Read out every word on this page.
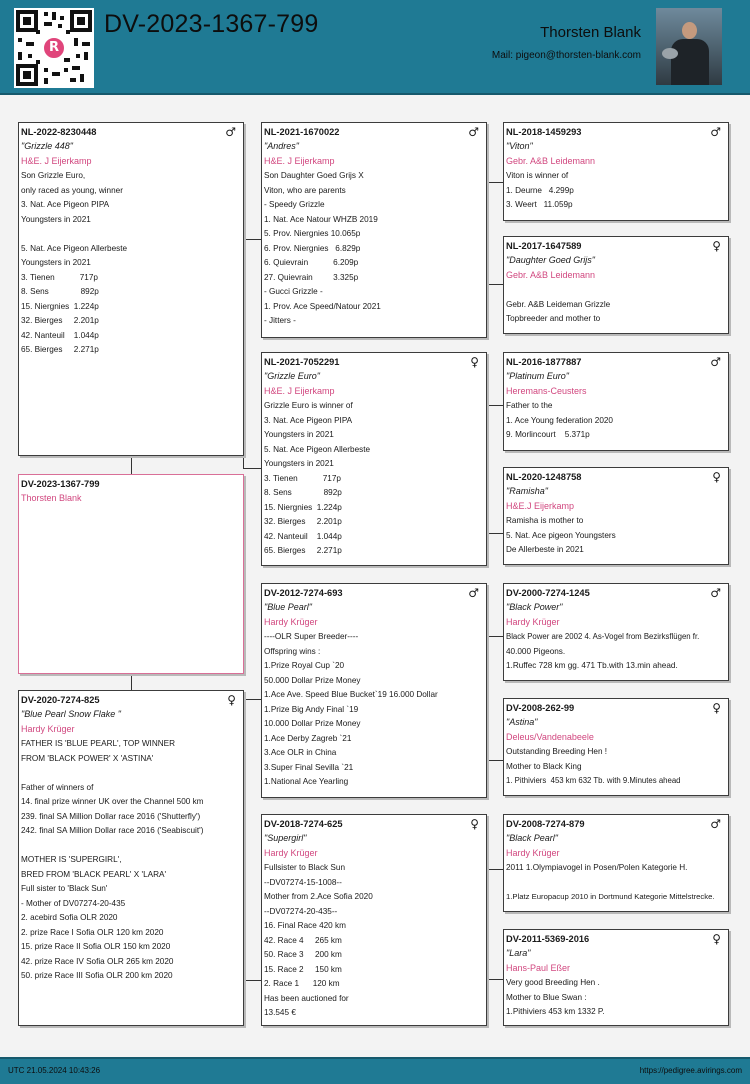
R
DV-2023-1367-799	Thorsten Blank
Mail: pigeon@thorsten-blank.com
NL-2022-8230448	♂
"Grizzle 448"
H&E. J Eijerkamp
Son Grizzle Euro,
only raced as young, winner
3. Nat. Ace Pigeon PIPA
Youngsters in 2021

5. Nat. Ace Pigeon Allerbeste
Youngsters in 2021
3. Tienen           717p
8. Sens              892p
15. Niergnies  1.224p
32. Bierges     2.201p
42. Nanteuil    1.044p
65. Bierges     2.271p
DV-2023-1367-799
Thorsten Blank
DV-2020-7274-825	♀
"Blue Pearl Snow Flake "
Hardy Krüger
FATHER IS 'BLUE PEARL', TOP WINNER
FROM 'BLACK POWER' X 'ASTINA'

Father of winners of
14. final prize winner UK over the Channel 500 km
239. final SA Million Dollar race 2016 ('Shutterfly')
242. final SA Million Dollar race 2016 ('Seabiscuit')

MOTHER IS 'SUPERGIRL',
BRED FROM 'BLACK PEARL' X 'LARA'
Full sister to 'Black Sun'
- Mother of DV07274-20-435
2. acebird Sofia OLR 2020
2. prize Race I Sofia OLR 120 km 2020
15. prize Race II Sofia OLR 150 km 2020
42. prize Race IV Sofia OLR 265 km 2020
50. prize Race III Sofia OLR 200 km 2020
NL-2021-1670022	♂
"Andres"
H&E. J Eijerkamp
Son Daughter Goed Grijs X
Viton, who are parents
- Speedy Grizzle
1. Nat. Ace Natour WHZB 2019
5. Prov. Niergnies 10.065p
6. Prov. Niergnies   6.829p
6. Quievrain           6.209p
27. Quievrain         3.325p
- Gucci Grizzle -
1. Prov. Ace Speed/Natour 2021
- Jitters -
NL-2021-7052291	♀
"Grizzle Euro"
H&E. J Eijerkamp
Grizzle Euro is winner of
3. Nat. Ace Pigeon PIPA
Youngsters in 2021
5. Nat. Ace Pigeon Allerbeste
Youngsters in 2021
3. Tienen           717p
8. Sens              892p
15. Niergnies  1.224p
32. Bierges     2.201p
42. Nanteuil    1.044p
65. Bierges     2.271p
DV-2012-7274-693	♂
"Blue Pearl"
Hardy Krüger
----OLR Super Breeder----
Offspring wins :
1.Prize Royal Cup `20
50.000 Dollar Prize Money
1.Ace Ave. Speed Blue Bucket`19 16.000 Dollar
1.Prize Big Andy Final `19
10.000 Dollar Prize Money
1.Ace Derby Zagreb `21
3.Ace OLR in China
3.Super Final Sevilla `21
1.National Ace Yearling
DV-2018-7274-625	♀
"Supergirl"
Hardy Krüger
Fullsister to Black Sun
--DV07274-15-1008--
Mother from 2.Ace Sofia 2020
--DV07274-20-435--
16. Final Race 420 km
42. Race 4     265 km
50. Race 3     200 km
15. Race 2     150 km
2. Race 1      120 km
Has been auctioned for
13.545 €
NL-2018-1459293	♂
"Viton"
Gebr. A&B Leidemann
Viton is winner of
1. Deurne   4.299p
3. Weert   11.059p
NL-2017-1647589	♀
"Daughter Goed Grijs"
Gebr. A&B Leidemann

Gebr. A&B Leideman Grizzle
Topbreeder and mother to
NL-2016-1877887	♂
"Platinum Euro"
Heremans-Ceusters
Father to the
1. Ace Young federation 2020
9. Morlincourt    5.371p
NL-2020-1248758	♀
"Ramisha"
H&E.J Eijerkamp
Ramisha is mother to
5. Nat. Ace pigeon Youngsters
De Allerbeste in 2021
DV-2000-7274-1245	♂
"Black Power"
Hardy Krüger
Black Power are 2002 4. As-Vogel from Bezirksflügen fr.
40.000 Pigeons.
1.Ruffec 728 km gg. 471 Tb.with 13.min ahead.
DV-2008-262-99	♀
"Astina"
Deleus/Vandenabeele
Outstanding Breeding Hen !
Mother to Black King
1. Pithiviers  453 km 632 Tb. with 9.Minutes ahead
DV-2008-7274-879	♂
"Black Pearl"
Hardy Krüger
2011 1.Olympiavogel in Posen/Polen Kategorie H.

1.Platz Europacup 2010 in Dortmund Kategorie Mittelstrecke.
DV-2011-5369-2016	♀
"Lara"
Hans-Paul Eßer
Very good Breeding Hen .
Mother to Blue Swan :
1.Pithiviers 453 km 1332 P.
UTC 21.05.2024 10:43:26	https://pedigree.avirings.com
